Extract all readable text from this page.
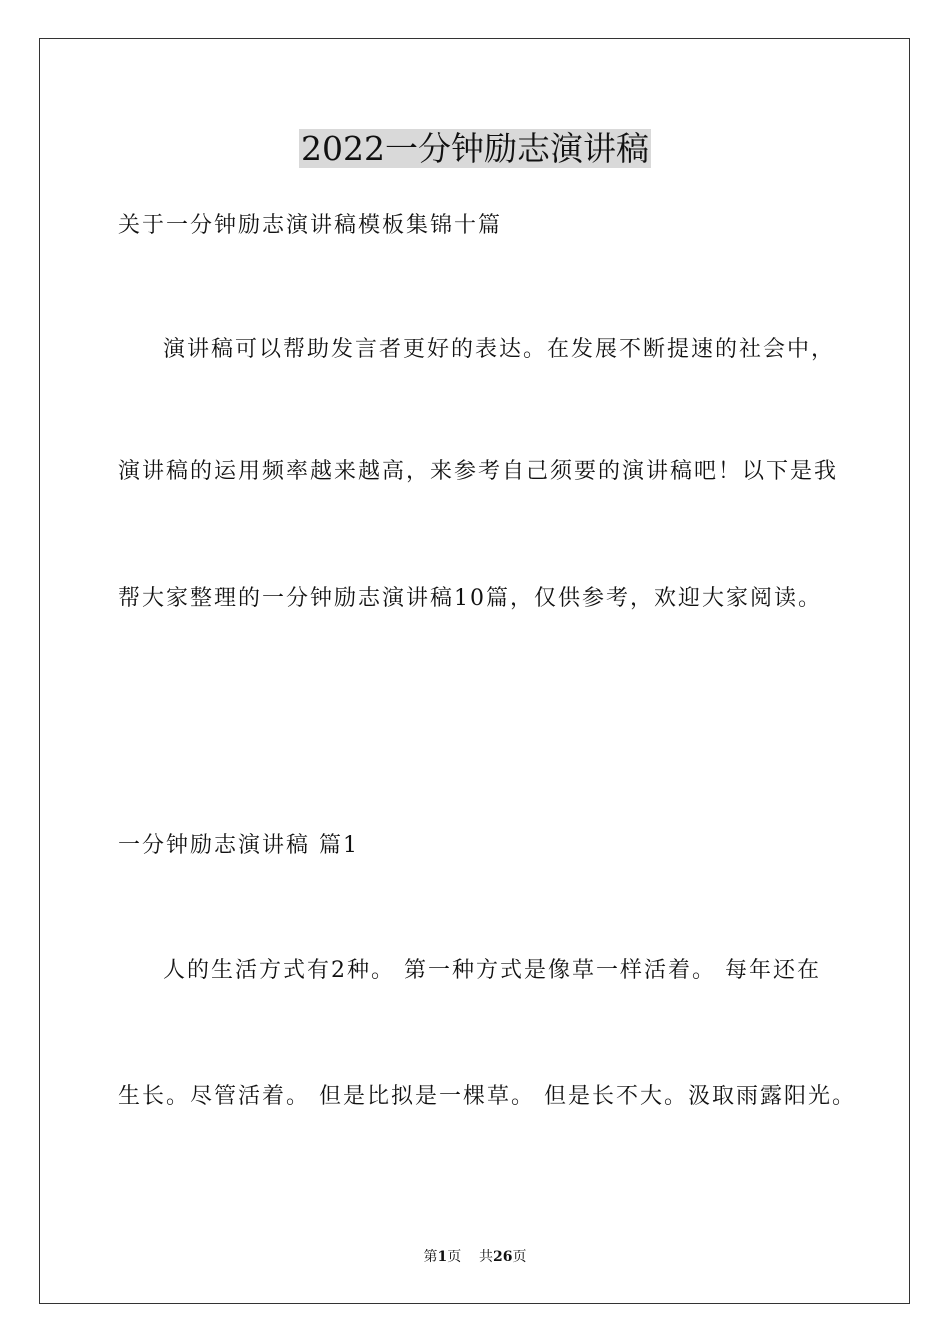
2022一分钟励志演讲稿
关于一分钟励志演讲稿模板集锦十篇
演讲稿可以帮助发言者更好的表达。在发展不断提速的社会中，
演讲稿的运用频率越来越高，来参考自己须要的演讲稿吧！以下是我
帮大家整理的一分钟励志演讲稿10篇，仅供参考，欢迎大家阅读。
一分钟励志演讲稿 篇1
人的生活方式有2种。 第一种方式是像草一样活着。 每年还在
生长。尽管活着。 但是比拟是一棵草。 但是长不大。汲取雨露阳光。
第1页 共26页
